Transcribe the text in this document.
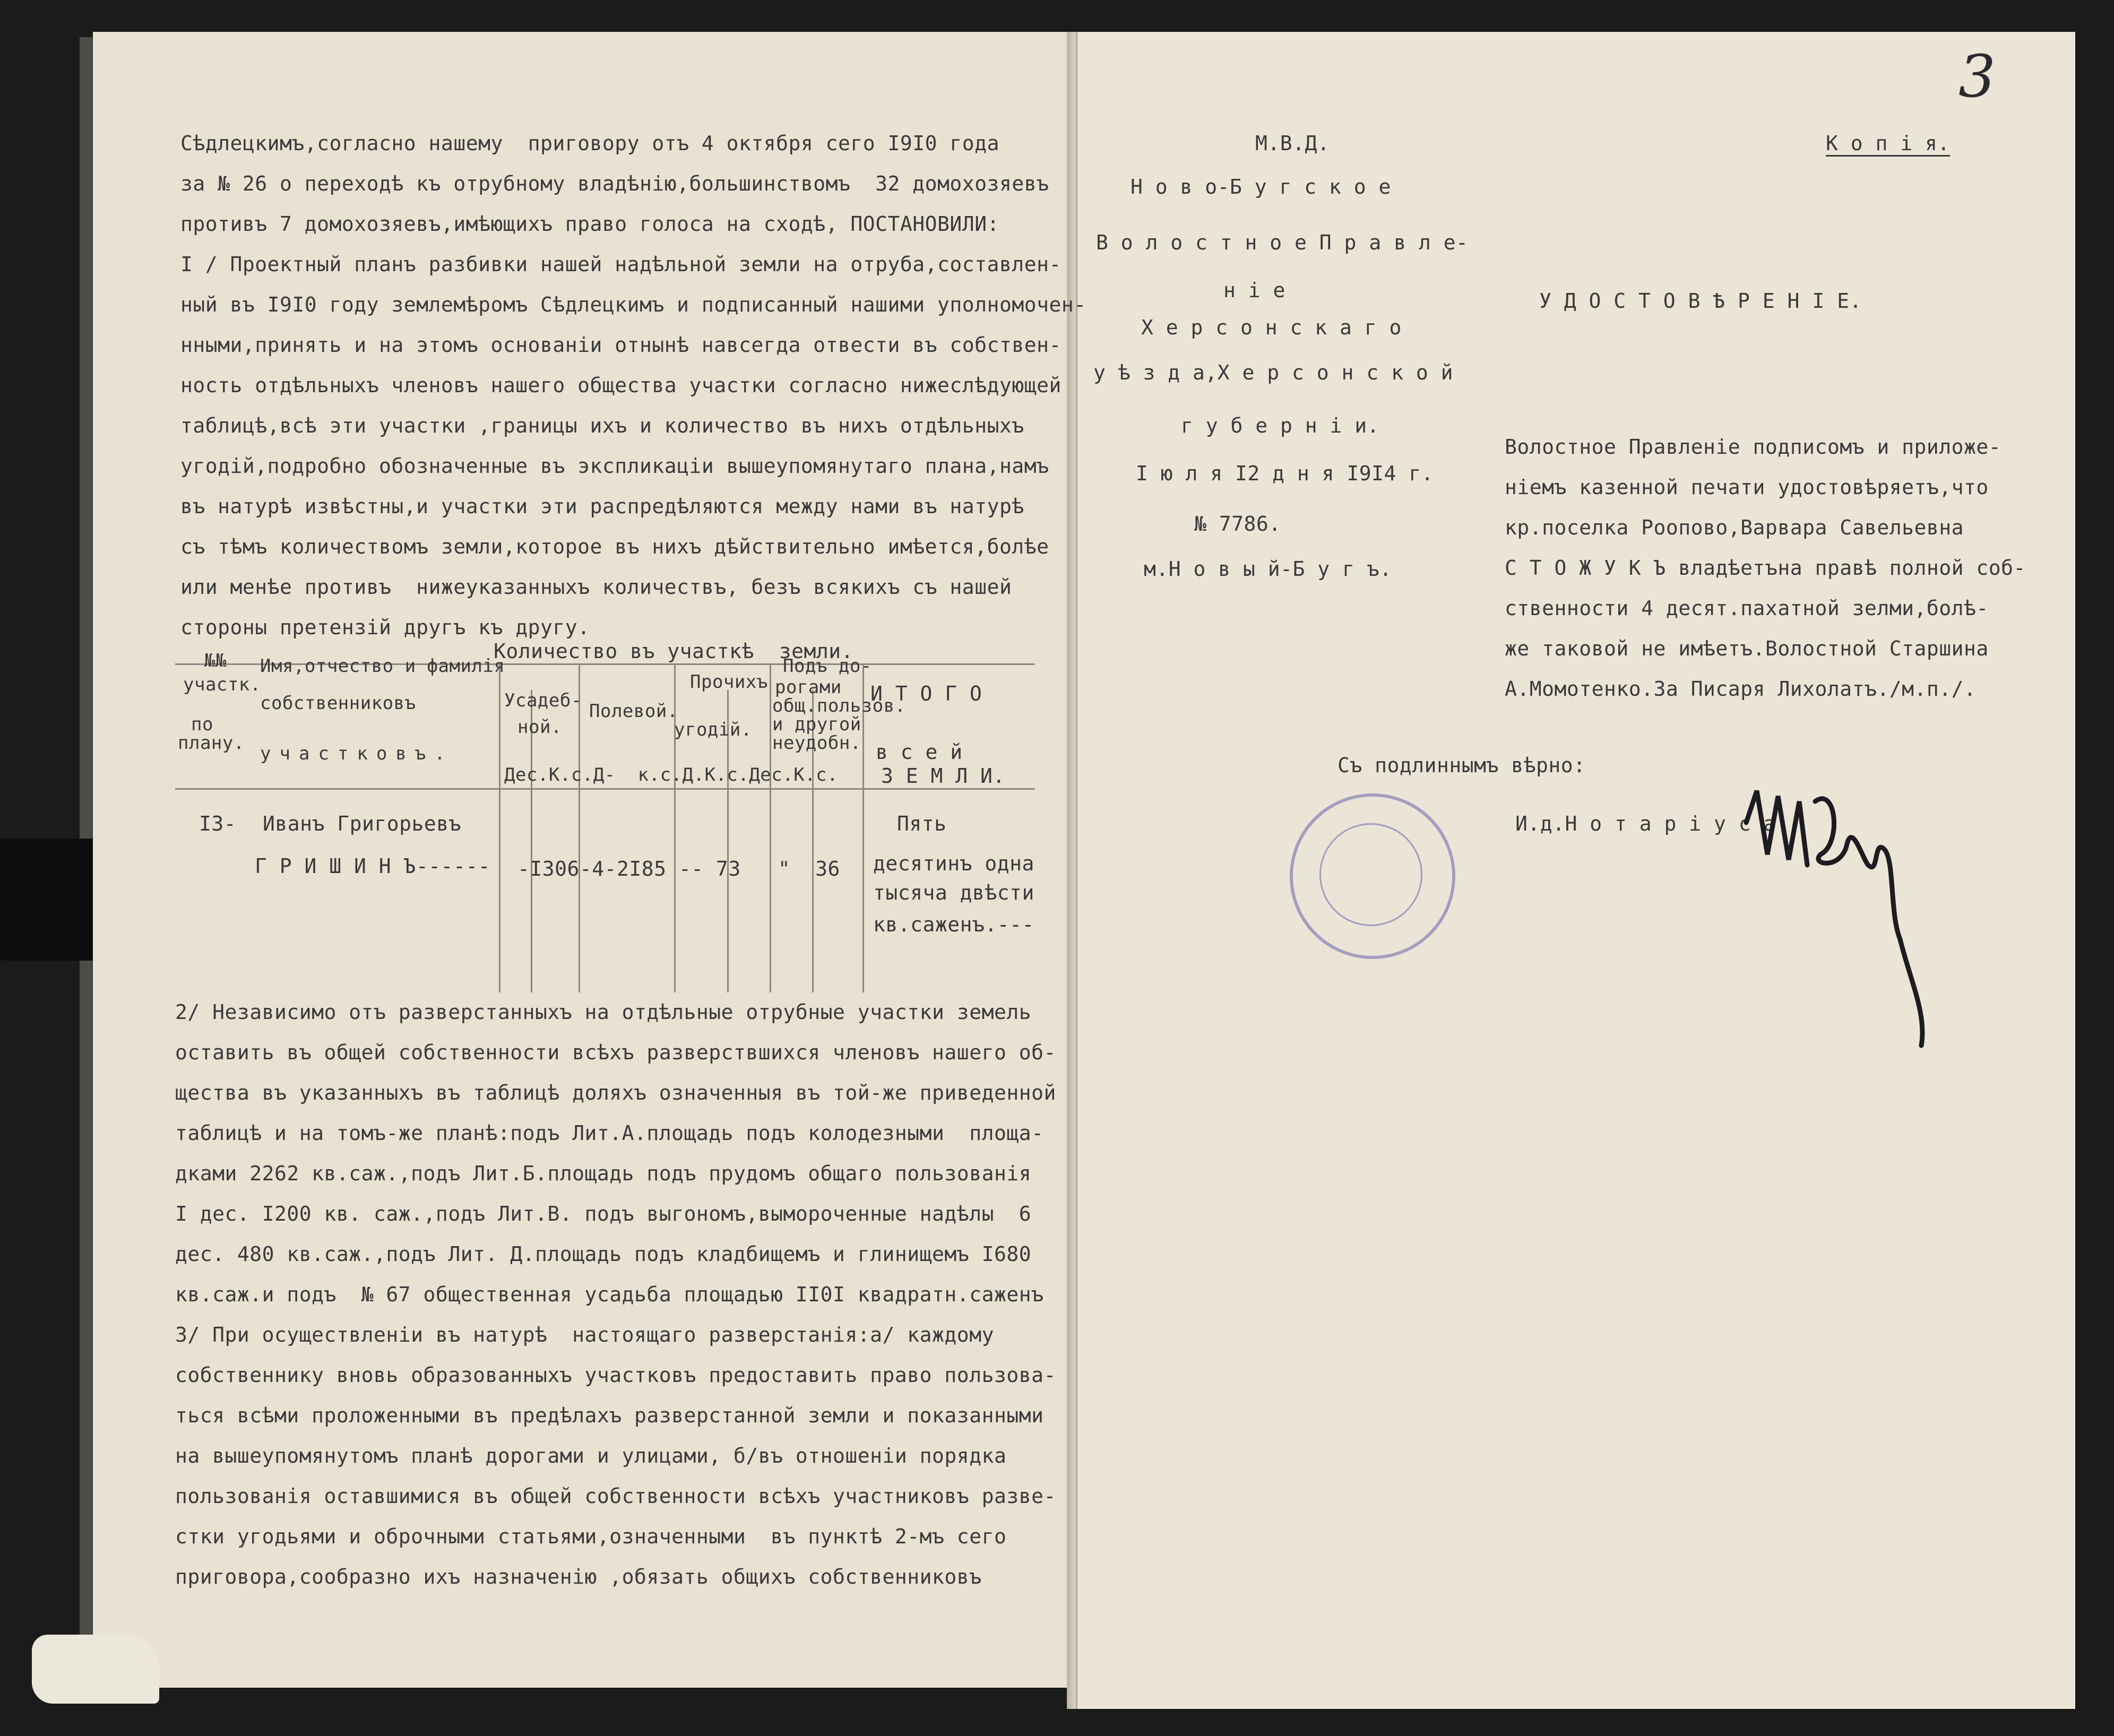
Сѣдлецкимъ,согласно нашему  приговору отъ 4 октября сего I9I0 года
за № 26 о переходѣ къ отрубному владѣнiю,большинствомъ  32 домохозяевъ
противъ 7 домохозяевъ,имѣющихъ право голоса на сходѣ, ПОСТАНОВИЛИ:
I / Проектный планъ разбивки нашей надѣльной земли на отруба,составлен-
ный въ I9I0 году землемѣромъ Сѣдлецкимъ и подписанный нашими уполномочен-
нными,принять и на этомъ основанiи отнынѣ навсегда отвести въ собствен-
ность отдѣльныхъ членовъ нашего общества участки согласно нижеслѣдующей
таблицѣ,всѣ эти участки ,границы ихъ и количество въ нихъ отдѣльныхъ
угодiй,подробно обозначенные въ экспликацiи вышеупомянутаго плана,намъ
въ натурѣ извѣстны,и участки эти распредѣляются между нами въ натурѣ
съ тѣмъ количествомъ земли,которое въ нихъ дѣйствительно имѣется,болѣе
или менѣе противъ  нижеуказанныхъ количествъ, безъ всякихъ съ нашей
стороны претензiй другъ къ другу.
Количество въ участкѣ  земли.
№№
участк.
по
плану.
Имя,отчество и фамилiя
собственниковъ
участковъ.
Усадеб-
ной.
Полевой.
Прочихъ
угодiй.
Подъ до-
рогами
общ.пользов.
и другой
неудобн.
И Т О Г О
в с е й
З Е М Л И.
Дес.К.с.Д-  к.с.Д.К.с.Дес.К.с.
I3- Иванъ Григорьевъ
Г Р И Ш И Н Ъ------ -I306-4-2I85 -- 73   "  36
Пять
десятинъ одна
тысяча двѣсти
кв.саженъ.---
2/ Независимо отъ разверстанныхъ на отдѣльные отрубные участки земель
оставить въ общей собственности всѣхъ разверствшихся членовъ нашего об-
щества въ указанныхъ въ таблицѣ доляхъ означенныя въ той-же приведенной
таблицѣ и на томъ-же планѣ:подъ Лит.А.площадь подъ колодезными  площа-
дками 2262 кв.саж.,подъ Лит.Б.площадь подъ прудомъ общаго пользованiя
I дес. I200 кв. саж.,подъ Лит.В. подъ выгономъ,вымороченные надѣлы  6
дес. 480 кв.саж.,подъ Лит. Д.площадь подъ кладбищемъ и глинищемъ I680
кв.саж.и подъ  № 67 общественная усадьба площадью II0I квадратн.саженъ
3/ При осуществленiи въ натурѣ  настоящаго разверстанiя:а/ каждому
собственнику вновь образованныхъ участковъ предоставить право пользова-
ться всѣми проложенными въ предѣлахъ разверстанной земли и показанными
на вышеупомянутомъ планѣ дорогами и улицами, б/въ отношенiи порядка
пользованiя оставшимися въ общей собственности всѣхъ участниковъ разве-
стки угодьями и оброчными статьями,означенными  въ пунктѣ 2-мъ сего
приговора,сообразно ихъ назначенiю ,обязать общихъ собственниковъ
3
М.В.Д.
Н о в о-Б у г с к о е
В о л о с т н о е П р а в л е-
н i е
Х е р с о н с к а г о
у ѣ з д а,Х е р с о н с к о й
г у б е р н i и.
I ю л я I2 д н я I9I4 г.
№ 7786.
м.Н о в ы й-Б у г ъ.
К о п i я.
У Д О С Т О В Ѣ Р Е Н I Е.
Волостное Правленiе подписомъ и приложе-
нiемъ казенной печати удостовѣряетъ,что
кр.поселка Роопово,Варвара Савельевна
С Т О Ж У К Ъ владѣетъна правѣ полной соб-
ственности 4 десят.пахатной зелми,болѣ-
же таковой не имѣетъ.Волостной Старшина
А.Момотенко.За Писаря Лихолатъ./м.п./.
Съ подлиннымъ вѣрно:
И.д.Н о т а р i у с а
